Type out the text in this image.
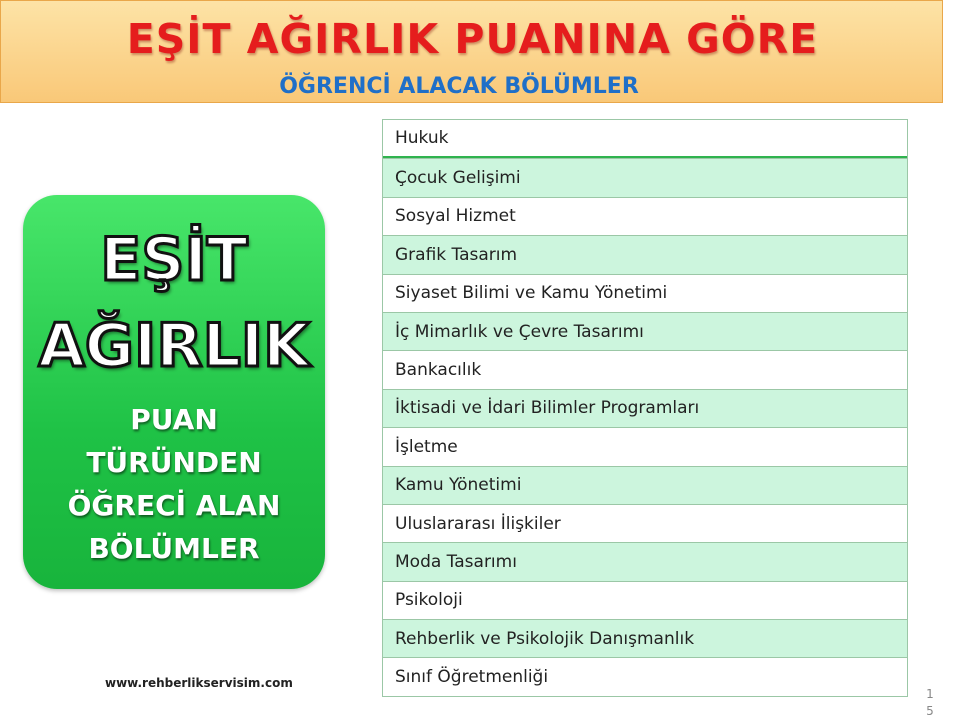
EŞİT AĞIRLIK PUANINA GÖRE
ÖĞRENCİ ALACAK BÖLÜMLER
EŞİT
AĞIRLIK
PUAN
TÜRÜNDEN
ÖĞRECİ ALAN
BÖLÜMLER
Hukuk
Çocuk Gelişimi
Sosyal Hizmet
Grafik Tasarım
Siyaset Bilimi ve Kamu Yönetimi
İç Mimarlık ve Çevre Tasarımı
Bankacılık
İktisadi ve İdari Bilimler Programları
İşletme
Kamu Yönetimi
Uluslararası İlişkiler
Moda Tasarımı
Psikoloji
Rehberlik ve Psikolojik Danışmanlık
Sınıf Öğretmenliği
www.rehberlikservisim.com
15
